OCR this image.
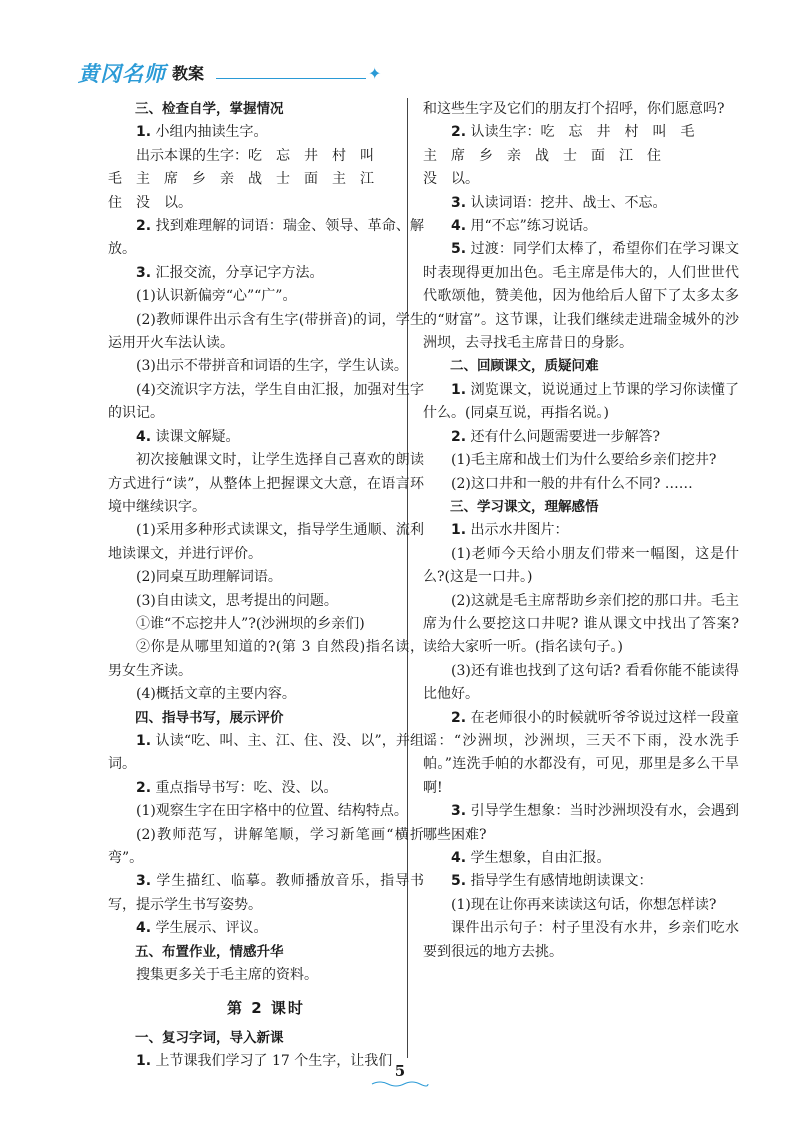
黄冈名师 教案	✦

三、检查自学，掌握情况

1. 小组内抽读生字。

出示本课的生字：吃　忘　井　村　叫

毛　主　席　乡　亲　战　士　面　主　江

住　没　以。

2. 找到难理解的词语：瑞金、领导、革命、解放。

3. 汇报交流，分享记字方法。

(1)认识新偏旁“心”“广”。

(2)教师课件出示含有生字(带拼音)的词，学生运用开火车法认读。

(3)出示不带拼音和词语的生字，学生认读。

(4)交流识字方法，学生自由汇报，加强对生字的识记。

4. 读课文解疑。

初次接触课文时，让学生选择自己喜欢的朗读方式进行“读”，从整体上把握课文大意，在语言环境中继续识字。

(1)采用多种形式读课文，指导学生通顺、流利地读课文，并进行评价。

(2)同桌互助理解词语。

(3)自由读文，思考提出的问题。

①谁“不忘挖井人”?(沙洲坝的乡亲们)

②你是从哪里知道的?(第 3 自然段)指名读，男女生齐读。

(4)概括文章的主要内容。

四、指导书写，展示评价

1. 认读“吃、叫、主、江、住、没、以”，并组词。

2. 重点指导书写：吃、没、以。

(1)观察生字在田字格中的位置、结构特点。

(2)教师范写，讲解笔顺，学习新笔画“横折弯”。

3. 学生描红、临摹。教师播放音乐，指导书写，提示学生书写姿势。

4. 学生展示、评议。

五、布置作业，情感升华

搜集更多关于毛主席的资料。

第 2 课时

一、复习字词，导入新课

1. 上节课我们学习了 17 个生字，让我们

和这些生字及它们的朋友打个招呼，你们愿意吗?

2. 认读生字：吃　忘　井　村　叫　毛

主　席　乡　亲　战　士　面　江　住

没　以。

3. 认读词语：挖井、战士、不忘。

4. 用“不忘”练习说话。

5. 过渡：同学们太棒了，希望你们在学习课文时表现得更加出色。毛主席是伟大的，人们世世代代歌颂他，赞美他，因为他给后人留下了太多太多的“财富”。这节课，让我们继续走进瑞金城外的沙洲坝，去寻找毛主席昔日的身影。

二、回顾课文，质疑问难

1. 浏览课文，说说通过上节课的学习你读懂了什么。(同桌互说，再指名说。)

2. 还有什么问题需要进一步解答?

(1)毛主席和战士们为什么要给乡亲们挖井?

(2)这口井和一般的井有什么不同? ……

三、学习课文，理解感悟

1. 出示水井图片：

(1)老师今天给小朋友们带来一幅图，这是什么?(这是一口井。)

(2)这就是毛主席帮助乡亲们挖的那口井。毛主席为什么要挖这口井呢? 谁从课文中找出了答案? 读给大家听一听。(指名读句子。)

(3)还有谁也找到了这句话? 看看你能不能读得比他好。

2. 在老师很小的时候就听爷爷说过这样一段童谣：“沙洲坝，沙洲坝，三天不下雨，没水洗手帕。”连洗手帕的水都没有，可见，那里是多么干旱啊!

3. 引导学生想象：当时沙洲坝没有水，会遇到哪些困难?

4. 学生想象，自由汇报。

5. 指导学生有感情地朗读课文：

(1)现在让你再来读读这句话，你想怎样读?

课件出示句子：村子里没有水井，乡亲们吃水要到很远的地方去挑。

5
